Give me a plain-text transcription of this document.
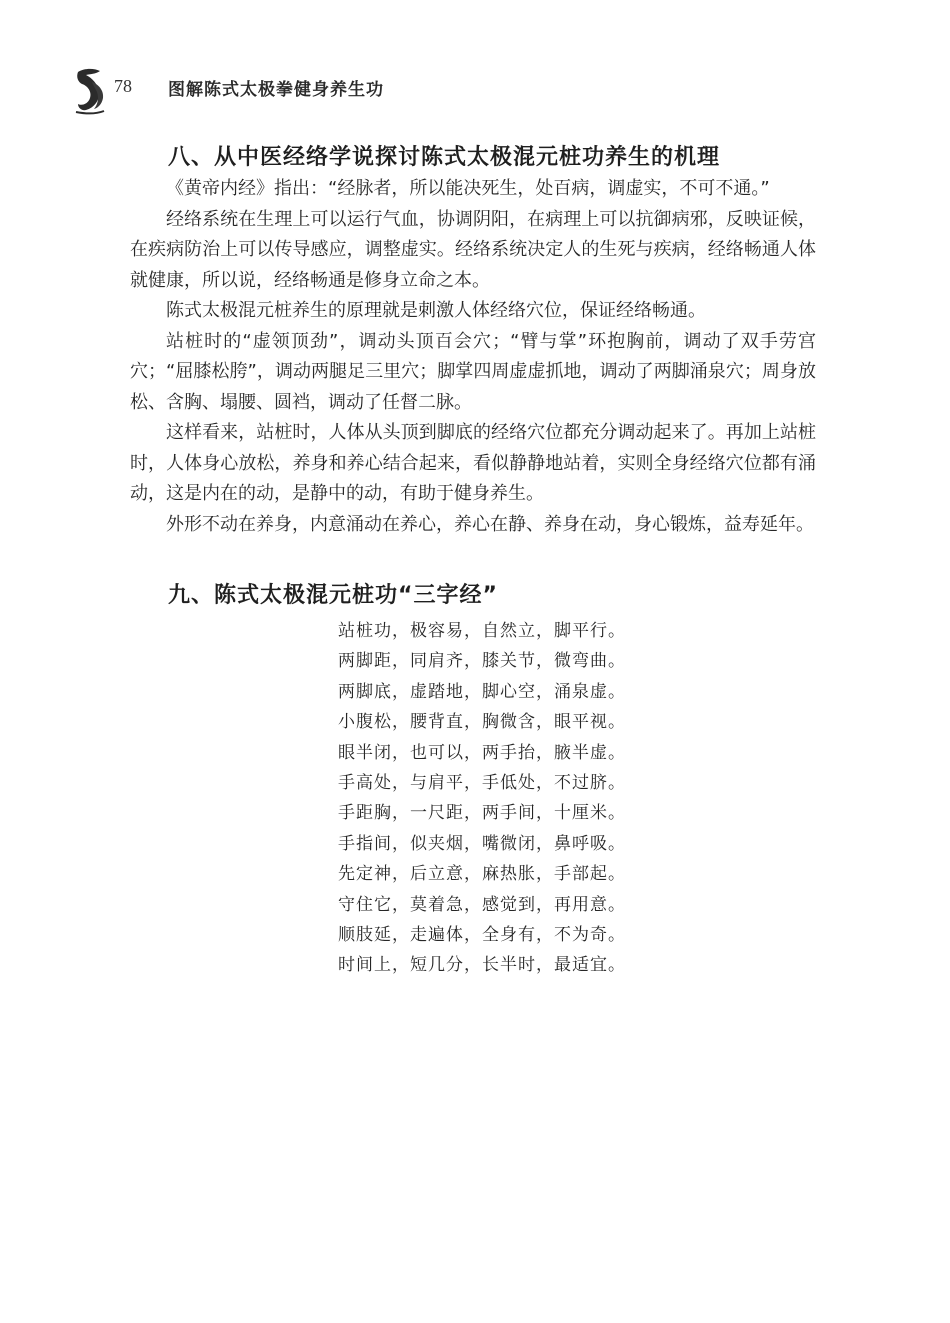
78 图解陈式太极拳健身养生功
八、从中医经络学说探讨陈式太极混元桩功养生的机理

《黄帝内经》指出：“经脉者，所以能决死生，处百病，调虚实，不可不通。”

经络系统在生理上可以运行气血，协调阴阳，在病理上可以抗御病邪，反映证候，在疾病防治上可以传导感应，调整虚实。经络系统决定人的生死与疾病，经络畅通人体就健康，所以说，经络畅通是修身立命之本。

陈式太极混元桩养生的原理就是刺激人体经络穴位，保证经络畅通。

站桩时的“虚领顶劲”，调动头顶百会穴；“臂与掌”环抱胸前，调动了双手劳宫穴；“屈膝松胯”，调动两腿足三里穴；脚掌四周虚虚抓地，调动了两脚涌泉穴；周身放松、含胸、塌腰、圆裆，调动了任督二脉。

这样看来，站桩时，人体从头顶到脚底的经络穴位都充分调动起来了。再加上站桩时，人体身心放松，养身和养心结合起来，看似静静地站着，实则全身经络穴位都有涌动，这是内在的动，是静中的动，有助于健身养生。

外形不动在养身，内意涌动在养心，养心在静、养身在动，身心锻炼，益寿延年。

九、陈式太极混元桩功“三字经”
站桩功，极容易，自然立，脚平行。
两脚距，同肩齐，膝关节，微弯曲。
两脚底，虚踏地，脚心空，涌泉虚。
小腹松，腰背直，胸微含，眼平视。
眼半闭，也可以，两手抬，腋半虚。
手高处，与肩平，手低处，不过脐。
手距胸，一尺距，两手间，十厘米。
手指间，似夹烟，嘴微闭，鼻呼吸。
先定神，后立意，麻热胀，手部起。
守住它，莫着急，感觉到，再用意。
顺肢延，走遍体，全身有，不为奇。
时间上，短几分，长半时，最适宜。
